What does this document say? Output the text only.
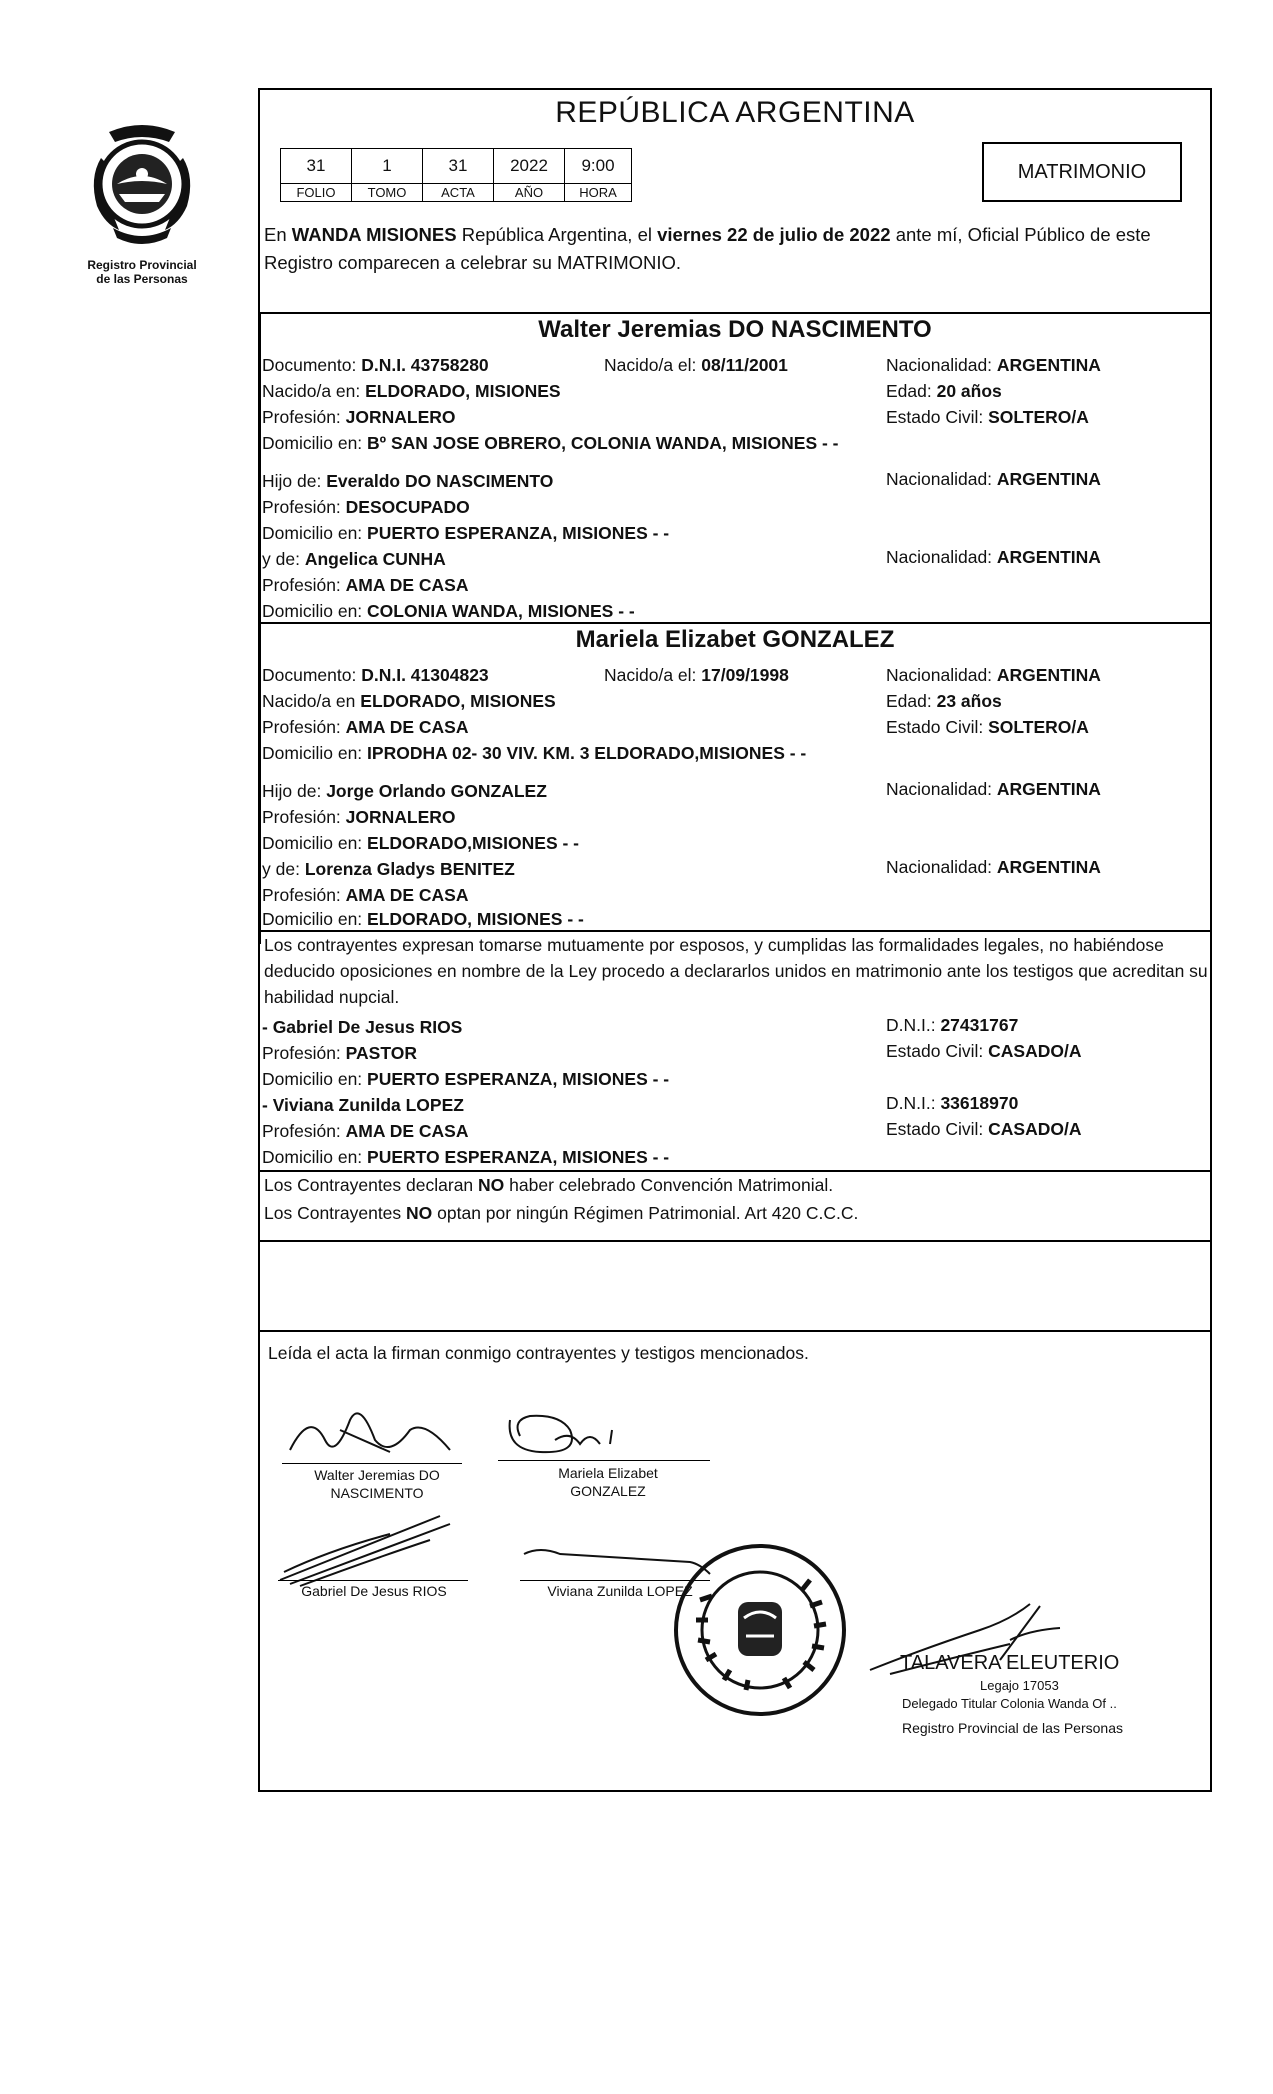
Registro Provincial
de las Personas
REPÚBLICA ARGENTINA
31	1	31	2022	9:00
FOLIO	TOMO	ACTA	AÑO	HORA
MATRIMONIO
En WANDA MISIONES República Argentina, el viernes 22 de julio de 2022 ante mí, Oficial Público de este Registro comparecen a celebrar su MATRIMONIO.
Walter Jeremias DO NASCIMENTO
Documento: D.N.I. 43758280	Nacido/a el: 08/11/2001	Nacionalidad: ARGENTINA
Nacido/a en: ELDORADO, MISIONES	Edad: 20 años
Profesión: JORNALERO	Estado Civil: SOLTERO/A
Domicilio en: Bº SAN JOSE OBRERO, COLONIA WANDA, MISIONES - -
Hijo de: Everaldo DO NASCIMENTO	Nacionalidad: ARGENTINA
Profesión: DESOCUPADO
Domicilio en: PUERTO ESPERANZA, MISIONES - -
y de: Angelica CUNHA	Nacionalidad: ARGENTINA
Profesión: AMA DE CASA
Domicilio en: COLONIA WANDA, MISIONES - -
Mariela Elizabet GONZALEZ
Documento: D.N.I. 41304823	Nacido/a el: 17/09/1998	Nacionalidad: ARGENTINA
Nacido/a en ELDORADO, MISIONES	Edad: 23 años
Profesión: AMA DE CASA	Estado Civil: SOLTERO/A
Domicilio en: IPRODHA 02- 30 VIV. KM. 3 ELDORADO,MISIONES - -
Hijo de: Jorge Orlando GONZALEZ	Nacionalidad: ARGENTINA
Profesión: JORNALERO
Domicilio en: ELDORADO,MISIONES - -
y de: Lorenza Gladys BENITEZ	Nacionalidad: ARGENTINA
Profesión: AMA DE CASA
Domicilio en: ELDORADO, MISIONES - -
Los contrayentes expresan tomarse mutuamente por esposos, y cumplidas las formalidades legales, no habiéndose deducido oposiciones en nombre de la Ley procedo a declararlos unidos en matrimonio ante los testigos que acreditan su habilidad nupcial.
- Gabriel De Jesus RIOS	D.N.I.: 27431767
Profesión: PASTOR	Estado Civil: CASADO/A
Domicilio en: PUERTO ESPERANZA, MISIONES - -
- Viviana Zunilda LOPEZ	D.N.I.: 33618970
Profesión: AMA DE CASA	Estado Civil: CASADO/A
Domicilio en: PUERTO ESPERANZA, MISIONES - -
Los Contrayentes declaran NO haber celebrado Convención Matrimonial.
Los Contrayentes NO optan por ningún Régimen Patrimonial. Art 420 C.C.C.
Leída el acta la firman conmigo contrayentes y testigos mencionados.
Walter Jeremias DO
NASCIMENTO
Mariela Elizabet
GONZALEZ
Gabriel De Jesus RIOS	Viviana Zunilda LOPEZ
TALAVERA ELEUTERIO
Legajo 17053
Delegado Titular Colonia Wanda Of ..
Registro Provincial de las Personas
